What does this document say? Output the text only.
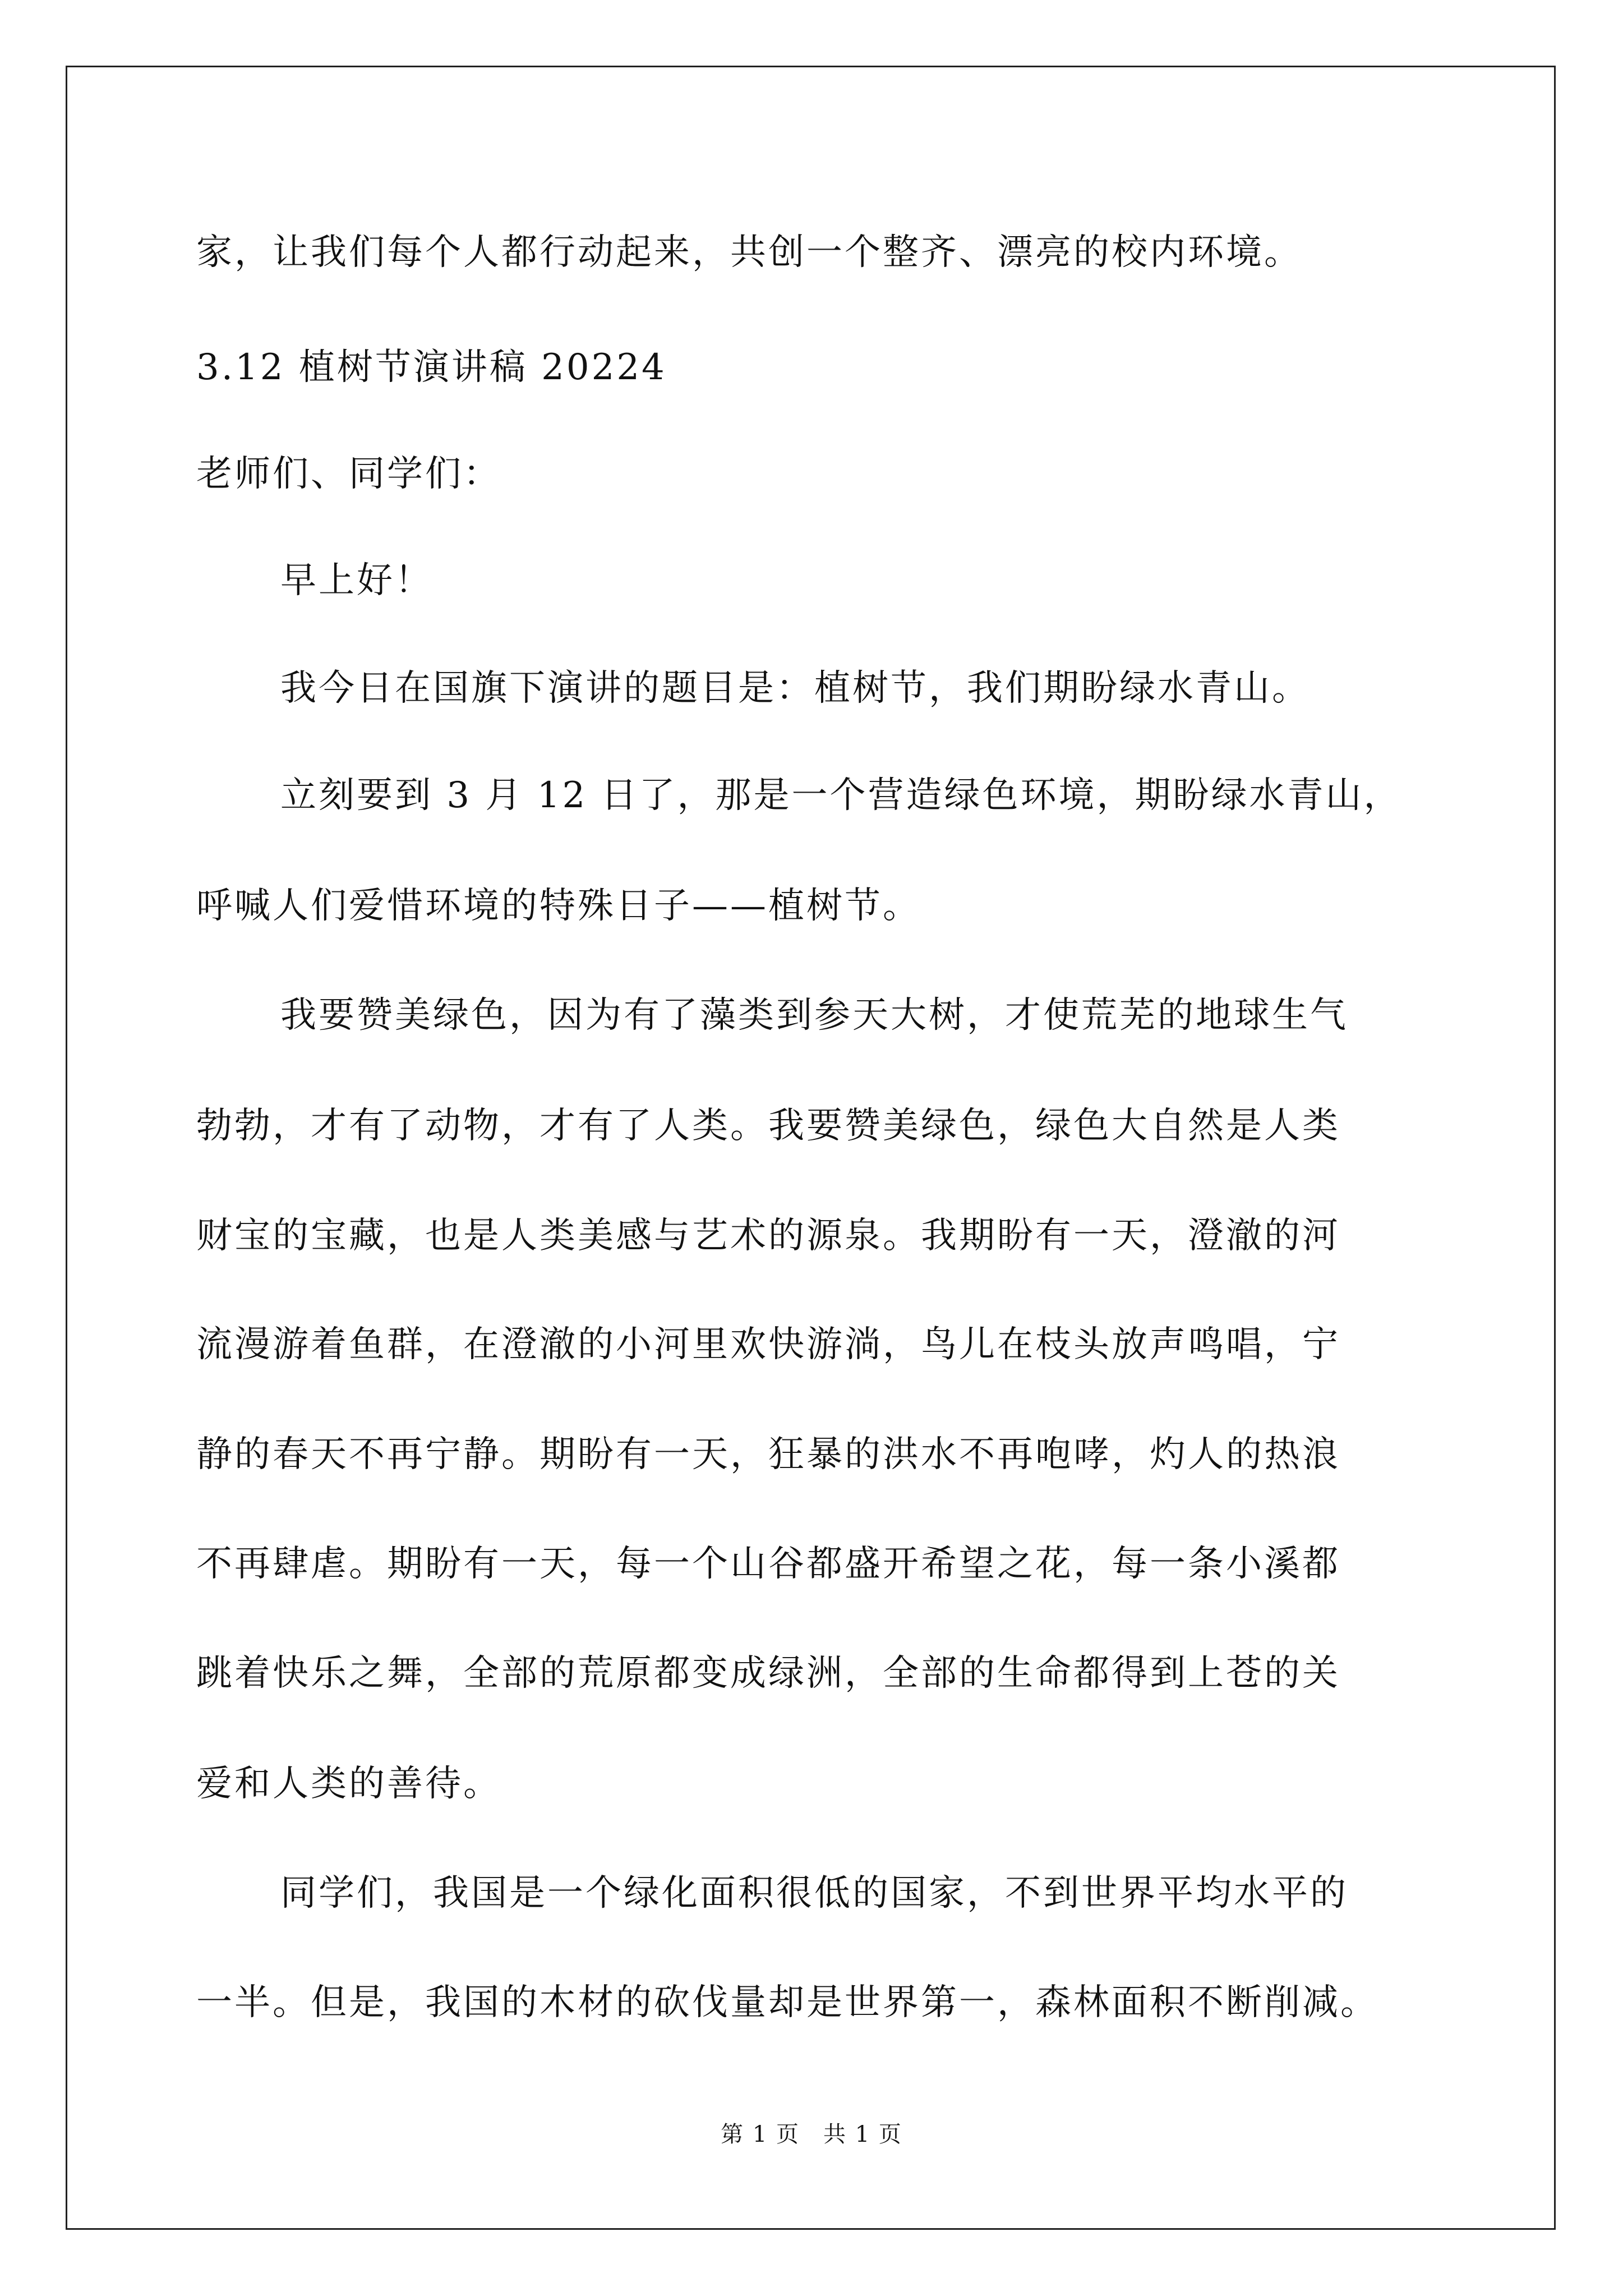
家，让我们每个人都行动起来，共创一个整齐、漂亮的校内环境。
3.12 植树节演讲稿 20224
老师们、同学们：
早上好！
我今日在国旗下演讲的题目是：植树节，我们期盼绿水青山。
立刻要到 3 月 12 日了，那是一个营造绿色环境，期盼绿水青山，
呼喊人们爱惜环境的特殊日子——植树节。
我要赞美绿色，因为有了藻类到参天大树，才使荒芜的地球生气
勃勃，才有了动物，才有了人类。我要赞美绿色，绿色大自然是人类
财宝的宝藏，也是人类美感与艺术的源泉。我期盼有一天，澄澈的河
流漫游着鱼群，在澄澈的小河里欢快游淌，鸟儿在枝头放声鸣唱，宁
静的春天不再宁静。期盼有一天，狂暴的洪水不再咆哮，灼人的热浪
不再肆虐。期盼有一天，每一个山谷都盛开希望之花，每一条小溪都
跳着快乐之舞，全部的荒原都变成绿洲，全部的生命都得到上苍的关
爱和人类的善待。
同学们，我国是一个绿化面积很低的国家，不到世界平均水平的
一半。但是，我国的木材的砍伐量却是世界第一，森林面积不断削减。
第 1 页　共 1 页
